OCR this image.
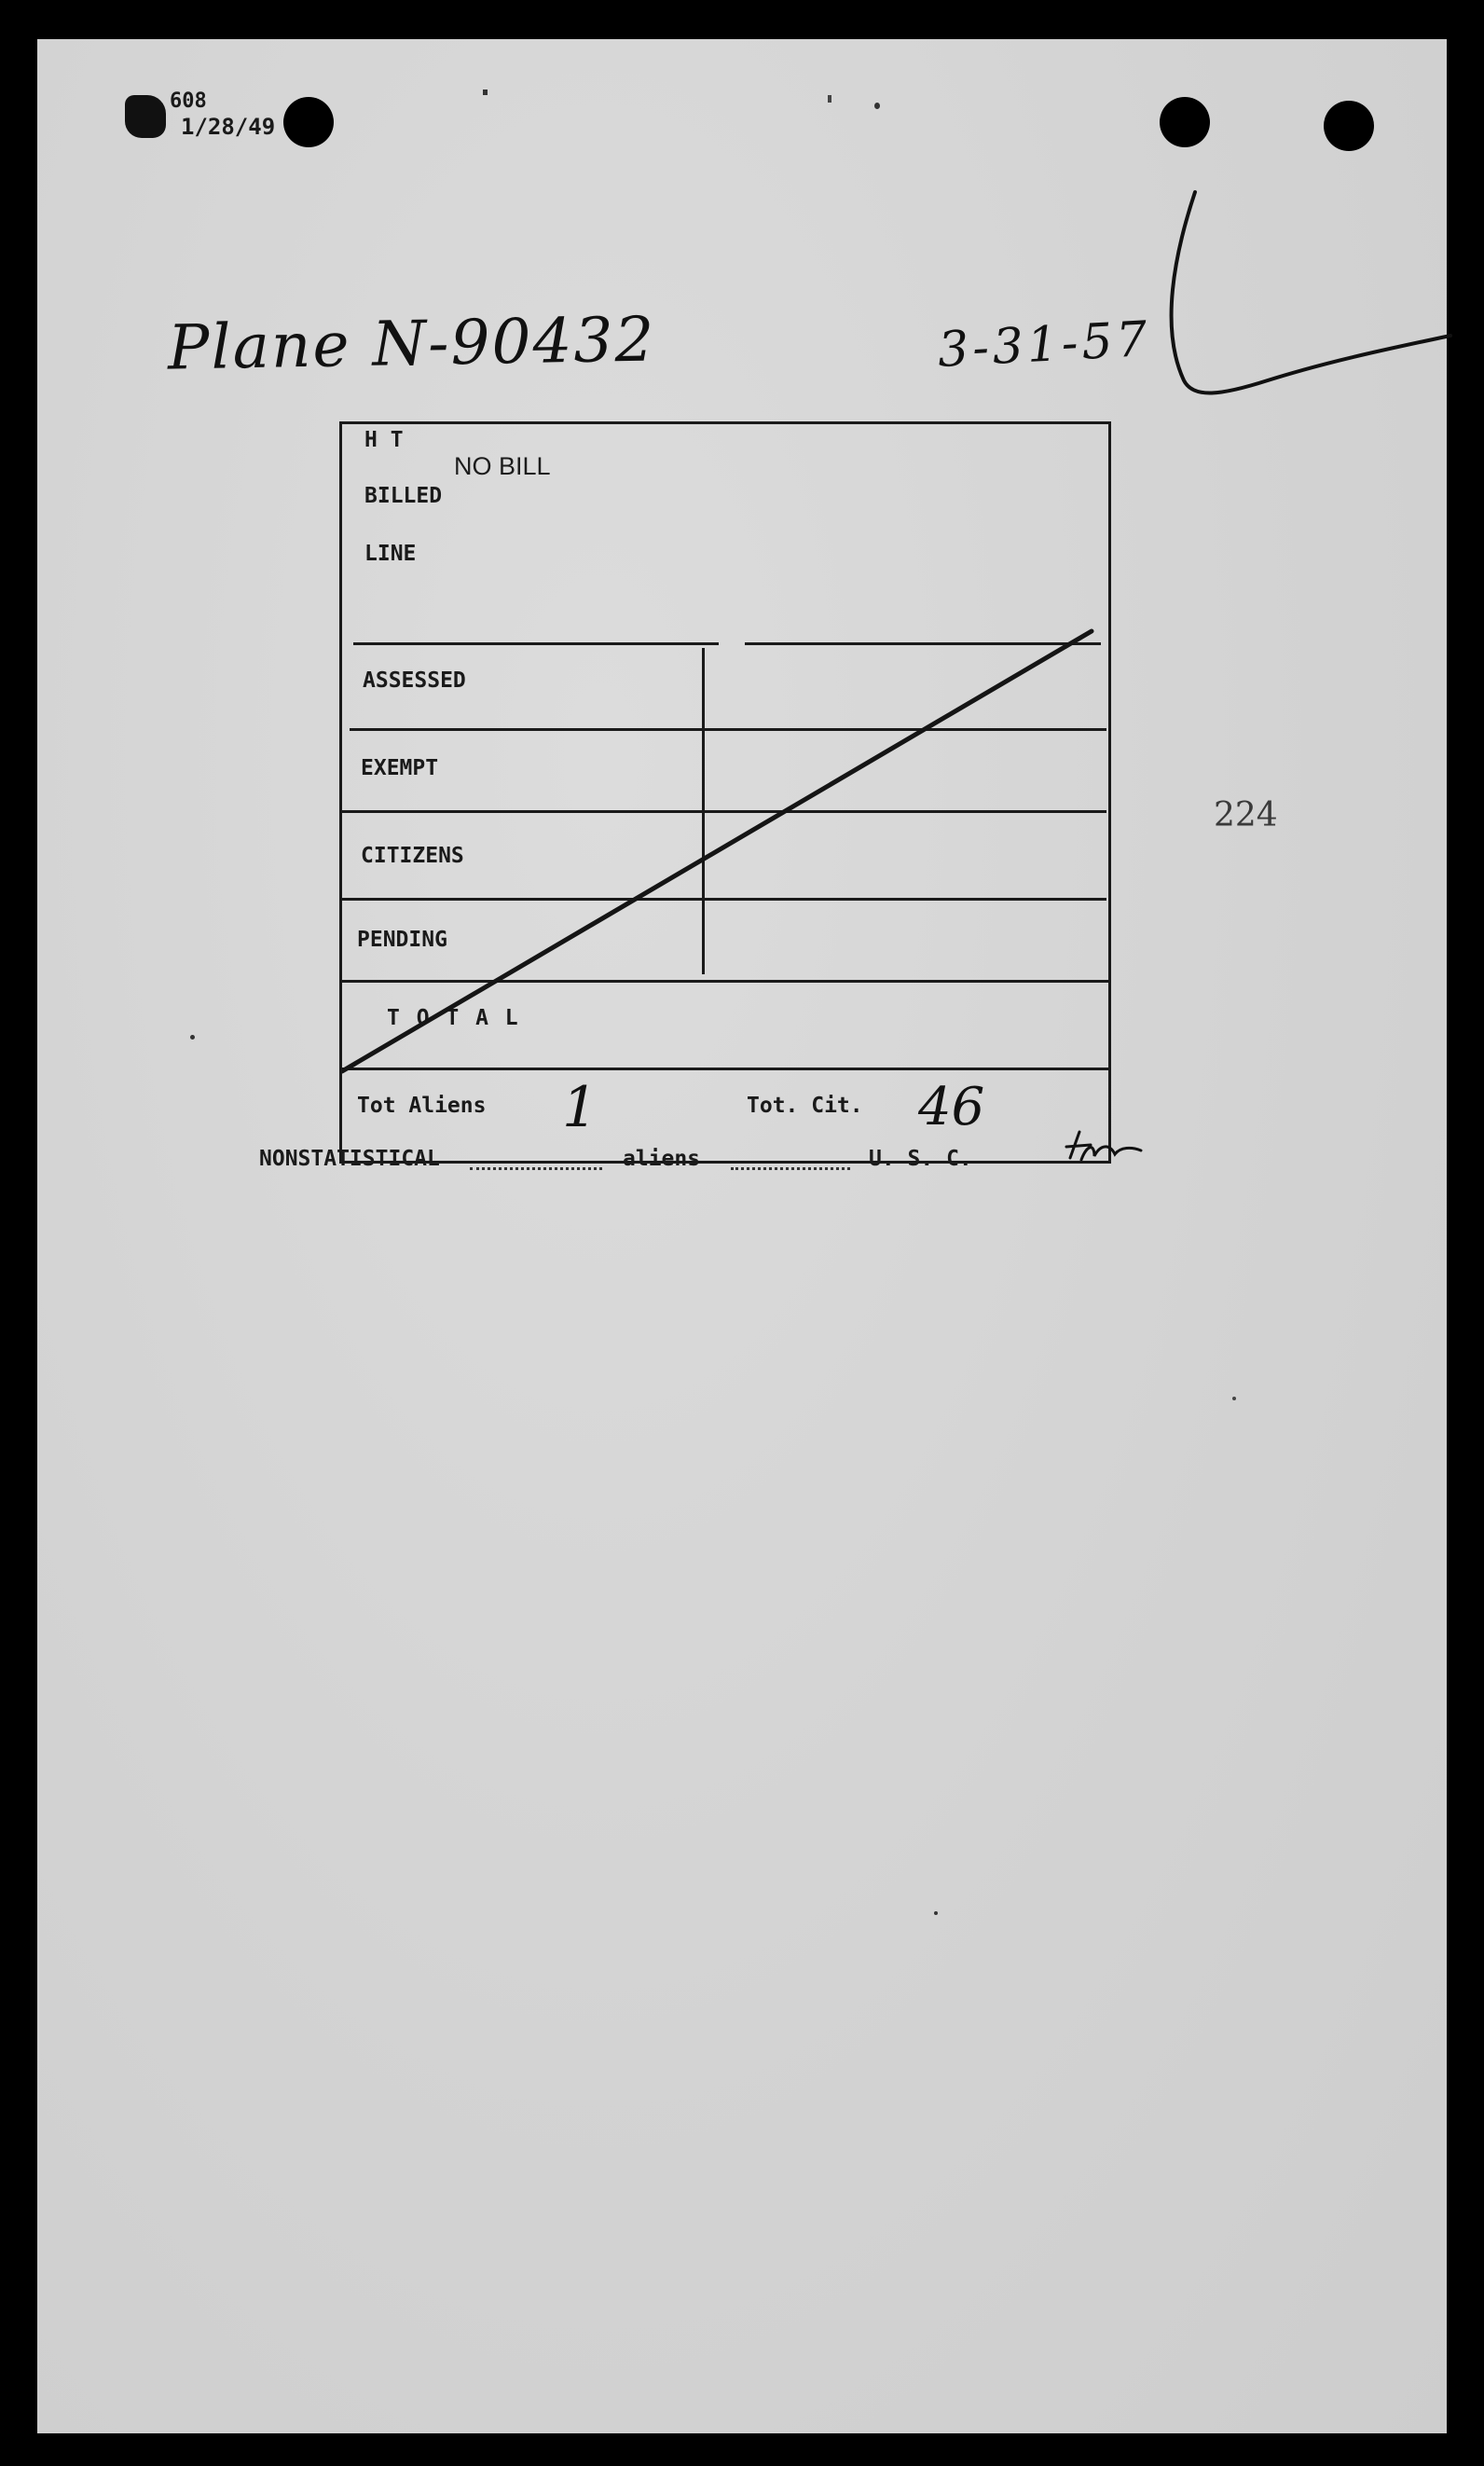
608
1/28/49
Plane N-90432	3-31-57
H T
BILLED
NO BILL
LINE
ASSESSED
EXEMPT
CITIZENS
PENDING
T O T A L
Tot Aliens 1	Tot. Cit. 46
NONSTATISTICAL	aliens	U. S. C.
224
